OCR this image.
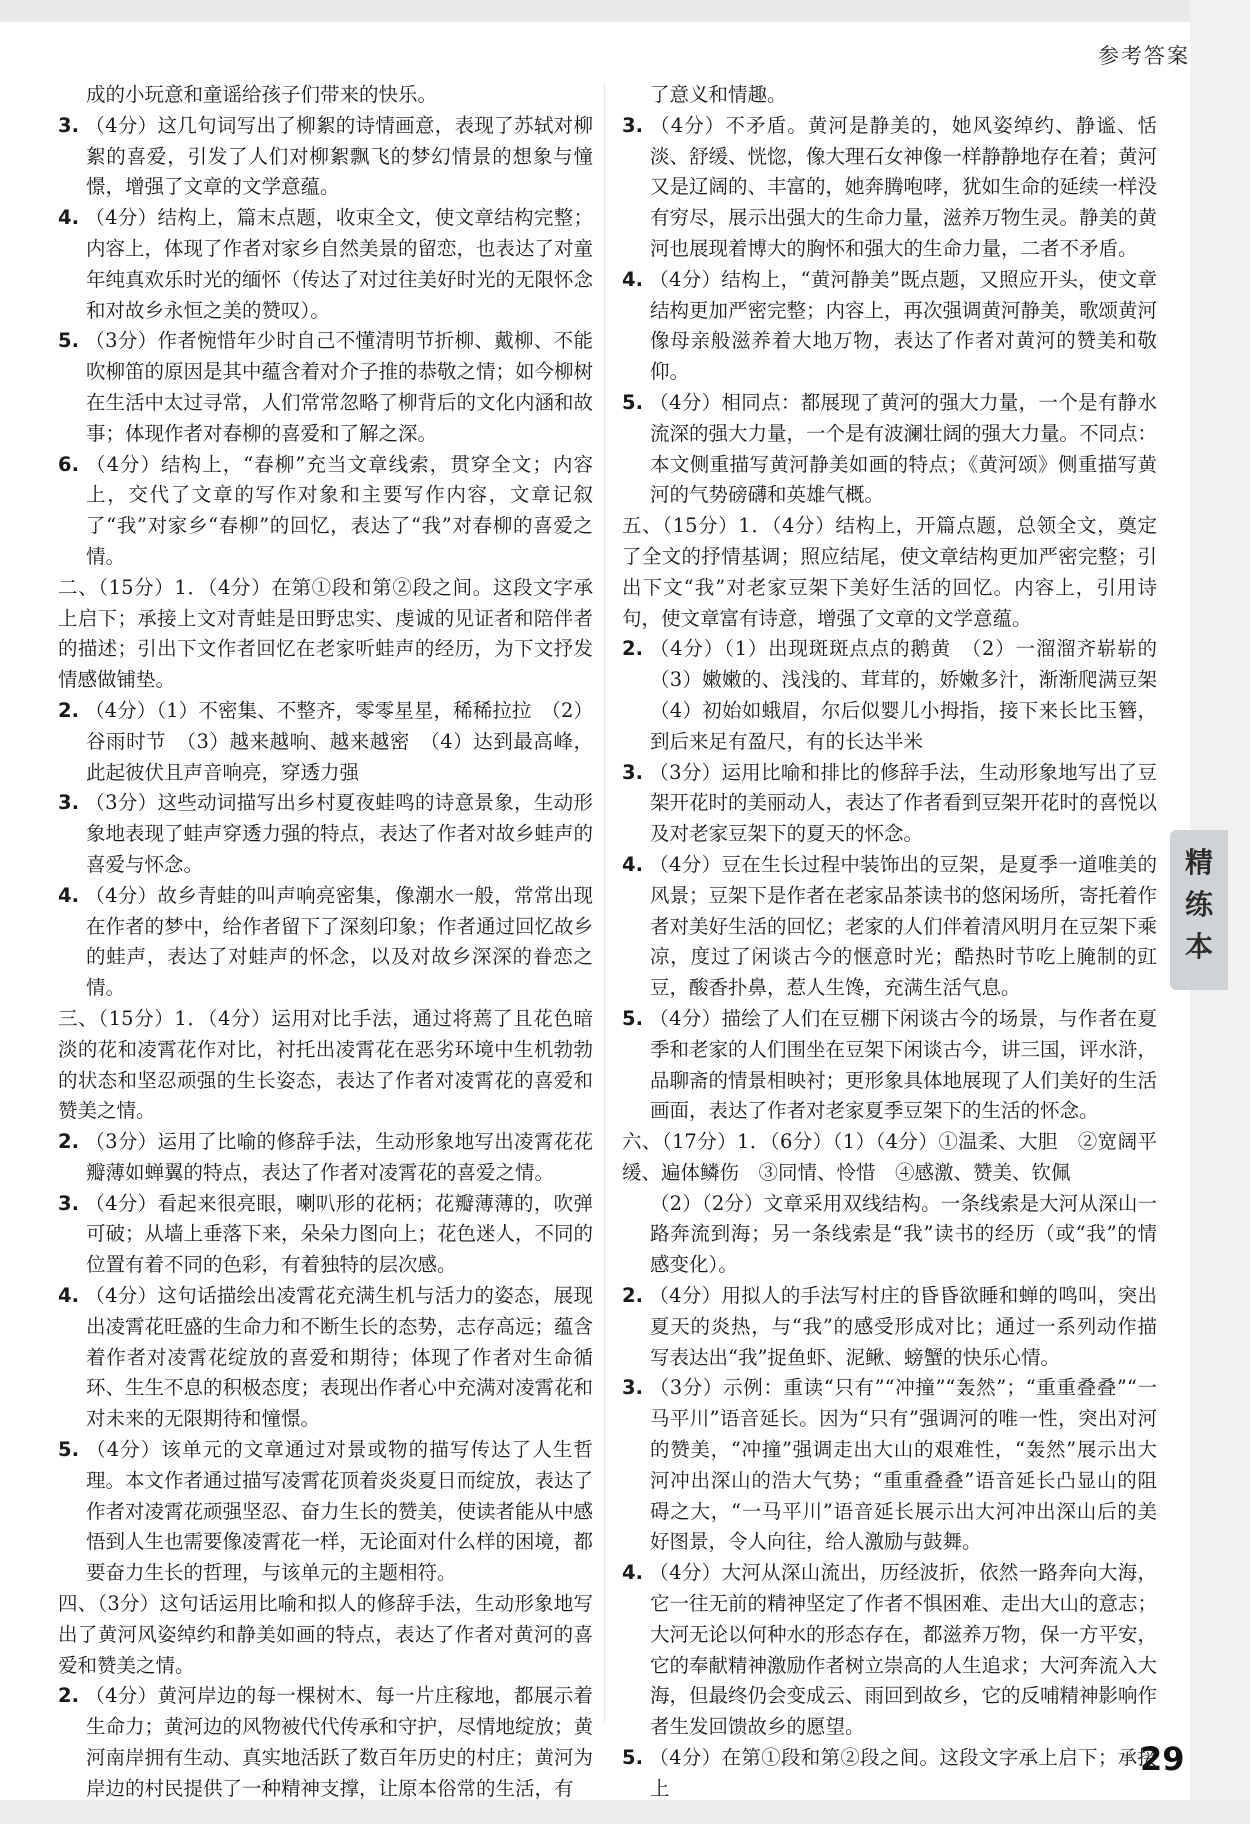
参考答案

成的小玩意和童谣给孩子们带来的快乐。

3. （4分）这几句词写出了柳絮的诗情画意，表现了苏轼对柳絮的喜爱，引发了人们对柳絮飘飞的梦幻情景的想象与憧憬，增强了文章的文学意蕴。

4. （4分）结构上，篇末点题，收束全文，使文章结构完整；内容上，体现了作者对家乡自然美景的留恋，也表达了对童年纯真欢乐时光的缅怀（传达了对过往美好时光的无限怀念和对故乡永恒之美的赞叹）。

5. （3分）作者惋惜年少时自己不懂清明节折柳、戴柳、不能吹柳笛的原因是其中蕴含着对介子推的恭敬之情；如今柳树在生活中太过寻常，人们常常忽略了柳背后的文化内涵和故事；体现作者对春柳的喜爱和了解之深。

6. （4分）结构上，“春柳”充当文章线索，贯穿全文；内容上，交代了文章的写作对象和主要写作内容，文章记叙了“我”对家乡“春柳”的回忆，表达了“我”对春柳的喜爱之情。

二、（15分）1．（4分）在第①段和第②段之间。这段文字承上启下；承接上文对青蛙是田野忠实、虔诚的见证者和陪伴者的描述；引出下文作者回忆在老家听蛙声的经历，为下文抒发情感做铺垫。

2. （4分）（1）不密集、不整齐，零零星星，稀稀拉拉　（2）谷雨时节　（3）越来越响、越来越密　（4）达到最高峰，此起彼伏且声音响亮，穿透力强

3. （3分）这些动词描写出乡村夏夜蛙鸣的诗意景象，生动形象地表现了蛙声穿透力强的特点，表达了作者对故乡蛙声的喜爱与怀念。

4. （4分）故乡青蛙的叫声响亮密集，像潮水一般，常常出现在作者的梦中，给作者留下了深刻印象；作者通过回忆故乡的蛙声，表达了对蛙声的怀念，以及对故乡深深的眷恋之情。

三、（15分）1．（4分）运用对比手法，通过将蔫了且花色暗淡的花和凌霄花作对比，衬托出凌霄花在恶劣环境中生机勃勃的状态和坚忍顽强的生长姿态，表达了作者对凌霄花的喜爱和赞美之情。

2. （3分）运用了比喻的修辞手法，生动形象地写出凌霄花花瓣薄如蝉翼的特点，表达了作者对凌霄花的喜爱之情。

3. （4分）看起来很亮眼，喇叭形的花柄；花瓣薄薄的，吹弹可破；从墙上垂落下来，朵朵力图向上；花色迷人，不同的位置有着不同的色彩，有着独特的层次感。

4. （4分）这句话描绘出凌霄花充满生机与活力的姿态，展现出凌霄花旺盛的生命力和不断生长的态势，志存高远；蕴含着作者对凌霄花绽放的喜爱和期待；体现了作者对生命循环、生生不息的积极态度；表现出作者心中充满对凌霄花和对未来的无限期待和憧憬。

5. （4分）该单元的文章通过对景或物的描写传达了人生哲理。本文作者通过描写凌霄花顶着炎炎夏日而绽放，表达了作者对凌霄花顽强坚忍、奋力生长的赞美，使读者能从中感悟到人生也需要像凌霄花一样，无论面对什么样的困境，都要奋力生长的哲理，与该单元的主题相符。

四、（3分）这句话运用比喻和拟人的修辞手法，生动形象地写出了黄河风姿绰约和静美如画的特点，表达了作者对黄河的喜爱和赞美之情。

2. （4分）黄河岸边的每一棵树木、每一片庄稼地，都展示着生命力；黄河边的风物被代代传承和守护，尽情地绽放；黄河南岸拥有生动、真实地活跃了数百年历史的村庄；黄河为岸边的村民提供了一种精神支撑，让原本俗常的生活，有

了意义和情趣。

3. （4分）不矛盾。黄河是静美的，她风姿绰约、静谧、恬淡、舒缓、恍惚，像大理石女神像一样静静地存在着；黄河又是辽阔的、丰富的，她奔腾咆哮，犹如生命的延续一样没有穷尽，展示出强大的生命力量，滋养万物生灵。静美的黄河也展现着博大的胸怀和强大的生命力量，二者不矛盾。

4. （4分）结构上，“黄河静美”既点题，又照应开头，使文章结构更加严密完整；内容上，再次强调黄河静美，歌颂黄河像母亲般滋养着大地万物，表达了作者对黄河的赞美和敬仰。

5. （4分）相同点：都展现了黄河的强大力量，一个是有静水流深的强大力量，一个是有波澜壮阔的强大力量。不同点：本文侧重描写黄河静美如画的特点；《黄河颂》侧重描写黄河的气势磅礴和英雄气概。

五、（15分）1．（4分）结构上，开篇点题，总领全文，奠定了全文的抒情基调；照应结尾，使文章结构更加严密完整；引出下文“我”对老家豆架下美好生活的回忆。内容上，引用诗句，使文章富有诗意，增强了文章的文学意蕴。

2. （4分）（1）出现斑斑点点的鹅黄　（2）一溜溜齐崭崭的（3）嫩嫩的、浅浅的、茸茸的，娇嫩多汁，渐渐爬满豆架（4）初始如蛾眉，尔后似婴儿小拇指，接下来长比玉簪，到后来足有盈尺，有的长达半米

3. （3分）运用比喻和排比的修辞手法，生动形象地写出了豆架开花时的美丽动人，表达了作者看到豆架开花时的喜悦以及对老家豆架下的夏天的怀念。

4. （4分）豆在生长过程中装饰出的豆架，是夏季一道唯美的风景；豆架下是作者在老家品茶读书的悠闲场所，寄托着作者对美好生活的回忆；老家的人们伴着清风明月在豆架下乘凉，度过了闲谈古今的惬意时光；酷热时节吃上腌制的豇豆，酸香扑鼻，惹人生馋，充满生活气息。

5. （4分）描绘了人们在豆棚下闲谈古今的场景，与作者在夏季和老家的人们围坐在豆架下闲谈古今，讲三国，评水浒，品聊斋的情景相映衬；更形象具体地展现了人们美好的生活画面，表达了作者对老家夏季豆架下的生活的怀念。

六、（17分）1．（6分）（1）（4分）①温柔、大胆　②宽阔平缓、遍体鳞伤　③同情、怜惜　④感激、赞美、钦佩

（2）（2分）文章采用双线结构。一条线索是大河从深山一路奔流到海；另一条线索是“我”读书的经历（或“我”的情感变化）。

2. （4分）用拟人的手法写村庄的昏昏欲睡和蝉的鸣叫，突出夏天的炎热，与“我”的感受形成对比；通过一系列动作描写表达出“我”捉鱼虾、泥鳅、螃蟹的快乐心情。

3. （3分）示例：重读“只有”“冲撞”“轰然”；“重重叠叠”“一马平川”语音延长。因为“只有”强调河的唯一性，突出对河的赞美，“冲撞”强调走出大山的艰难性，“轰然”展示出大河冲出深山的浩大气势；“重重叠叠”语音延长凸显山的阻碍之大，“一马平川”语音延长展示出大河冲出深山后的美好图景，令人向往，给人激励与鼓舞。

4. （4分）大河从深山流出，历经波折，依然一路奔向大海，它一往无前的精神坚定了作者不惧困难、走出大山的意志；大河无论以何种水的形态存在，都滋养万物，保一方平安，它的奉献精神激励作者树立崇高的人生追求；大河奔流入大海，但最终仍会变成云、雨回到故乡，它的反哺精神影响作者生发回馈故乡的愿望。

5. （4分）在第①段和第②段之间。这段文字承上启下；承接上

精练本
29
